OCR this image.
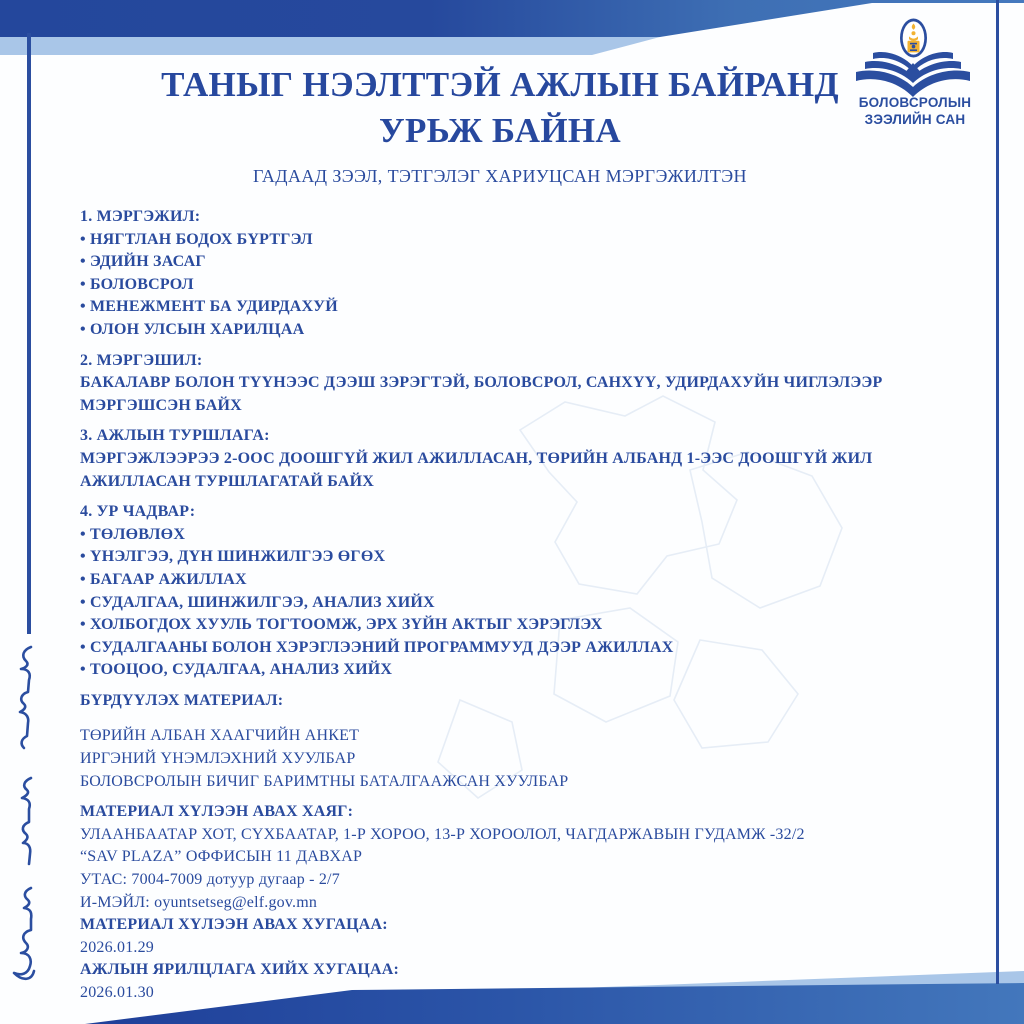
БОЛОВСРОЛЫН
ЗЭЭЛИЙН САН
ТАНЫГ НЭЭЛТТЭЙ АЖЛЫН БАЙРАНД
УРЬЖ БАЙНА
ГАДААД ЗЭЭЛ, ТЭТГЭЛЭГ ХАРИУЦСАН МЭРГЭЖИЛТЭН
1. МЭРГЭЖИЛ:
• НЯГТЛАН БОДОХ БҮРТГЭЛ
• ЭДИЙН ЗАСАГ
• БОЛОВСРОЛ
• МЕНЕЖМЕНТ БА УДИРДАХУЙ
• ОЛОН УЛСЫН ХАРИЛЦАА
2. МЭРГЭШИЛ:
БАКАЛАВР БОЛОН ТҮҮНЭЭС ДЭЭШ ЗЭРЭГТЭЙ, БОЛОВСРОЛ, САНХҮҮ, УДИРДАХУЙН ЧИГЛЭЛЭЭР
МЭРГЭШСЭН БАЙХ
3. АЖЛЫН ТУРШЛАГА:
МЭРГЭЖЛЭЭРЭЭ 2-ООС ДООШГҮЙ ЖИЛ АЖИЛЛАСАН, ТӨРИЙН АЛБАНД 1-ЭЭС ДООШГҮЙ ЖИЛ
АЖИЛЛАСАН ТУРШЛАГАТАЙ БАЙХ
4. УР ЧАДВАР:
• ТӨЛӨВЛӨХ
• ҮНЭЛГЭЭ, ДҮН ШИНЖИЛГЭЭ ӨГӨХ
• БАГААР АЖИЛЛАХ
• СУДАЛГАА, ШИНЖИЛГЭЭ, АНАЛИЗ ХИЙХ
• ХОЛБОГДОХ ХУУЛЬ ТОГТООМЖ, ЭРХ ЗҮЙН АКТЫГ ХЭРЭГЛЭХ
• СУДАЛГААНЫ БОЛОН ХЭРЭГЛЭЭНИЙ ПРОГРАММУУД ДЭЭР АЖИЛЛАХ
• ТООЦОО, СУДАЛГАА, АНАЛИЗ ХИЙХ
БҮРДҮҮЛЭХ МАТЕРИАЛ:
ТӨРИЙН АЛБАН ХААГЧИЙН АНКЕТ
ИРГЭНИЙ ҮНЭМЛЭХНИЙ ХУУЛБАР
БОЛОВСРОЛЫН БИЧИГ БАРИМТНЫ БАТАЛГААЖСАН ХУУЛБАР
МАТЕРИАЛ ХҮЛЭЭН АВАХ ХАЯГ:
УЛААНБААТАР ХОТ, СҮХБААТАР, 1-Р ХОРОО, 13-Р ХОРООЛОЛ, ЧАГДАРЖАВЫН ГУДАМЖ -32/2
“SAV PLAZA” ОФФИСЫН 11 ДАВХАР
УТАС: 7004-7009 дотуур дугаар - 2/7
И-МЭЙЛ: oyuntsetseg@elf.gov.mn
МАТЕРИАЛ ХҮЛЭЭН АВАХ ХУГАЦАА:
2026.01.29
АЖЛЫН ЯРИЛЦЛАГА ХИЙХ ХУГАЦАА:
2026.01.30
